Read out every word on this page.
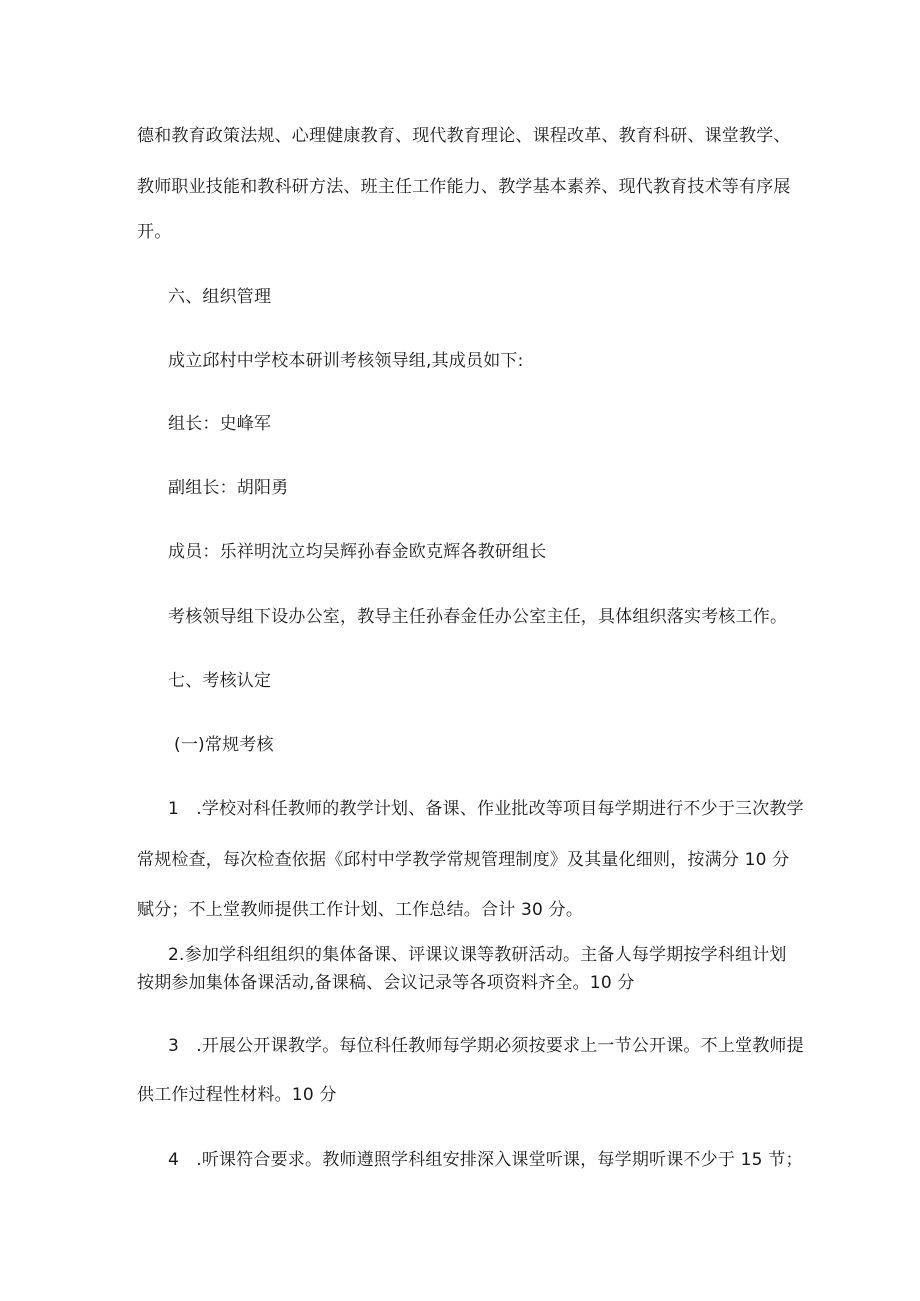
德和教育政策法规、心理健康教育、现代教育理论、课程改革、教育科研、课堂教学、
教师职业技能和教科研方法、班主任工作能力、教学基本素养、现代教育技术等有序展
开。
六、组织管理
成立邱村中学校本研训考核领导组,其成员如下:
组长：史峰军
副组长：胡阳勇
成员：乐祥明沈立均吴辉孙春金欧克辉各教研组长
考核领导组下设办公室，教导主任孙春金任办公室主任，具体组织落实考核工作。
七、考核认定
(一)常规考核
1　.学校对科任教师的教学计划、备课、作业批改等项目每学期进行不少于三次教学
常规检查，每次检查依据《邱村中学教学常规管理制度》及其量化细则，按满分 10 分
赋分；不上堂教师提供工作计划、工作总结。合计 30 分。
2.参加学科组组织的集体备课、评课议课等教研活动。主备人每学期按学科组计划
按期参加集体备课活动,备课稿、会议记录等各项资料齐全。10 分
3　.开展公开课教学。每位科任教师每学期必须按要求上一节公开课。不上堂教师提
供工作过程性材料。10 分
4　.听课符合要求。教师遵照学科组安排深入课堂听课，每学期听课不少于 15 节；
